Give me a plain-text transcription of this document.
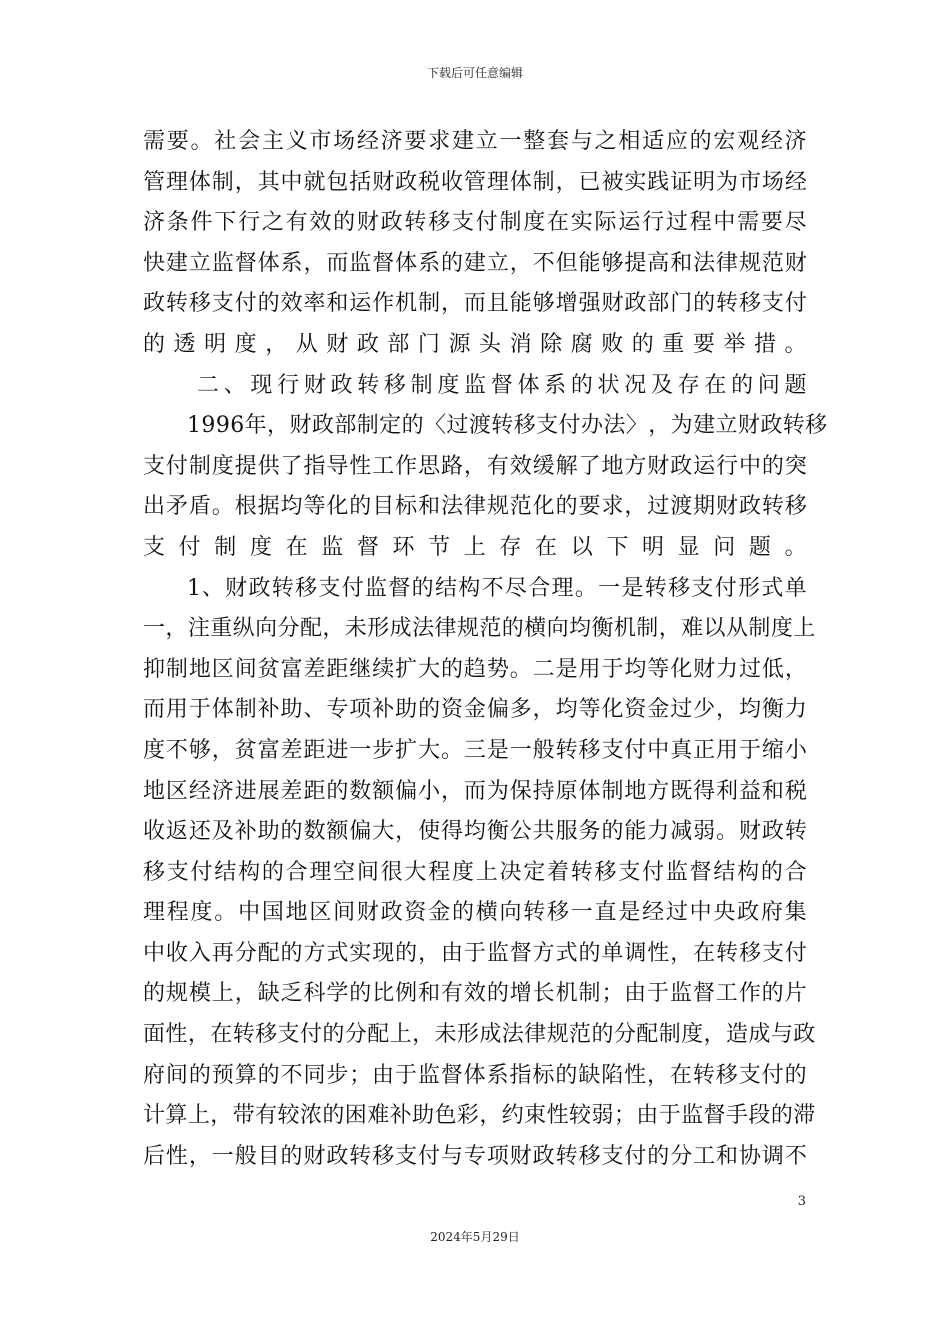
下载后可任意编辑
需 要 。 社 会 主 义 市 场 经 济 要 求 建 立 一 整 套 与 之 相 适 应 的 宏 观 经 济
管 理 体 制 ， 其 中 就 包 括 财 政 税 收 管 理 体 制 ， 已 被 实 践 证 明 为 市 场 经
济 条 件 下 行 之 有 效 的 财 政 转 移 支 付 制 度 在 实 际 运 行 过 程 中 需 要 尽
快 建 立 监 督 体 系 ， 而 监 督 体 系 的 建 立 ， 不 但 能 够 提 高 和 法 律 规 范 财
政 转 移 支 付 的 效 率 和 运 作 机 制 ， 而 且 能 够 增 强 财 政 部 门 的 转 移 支 付
的 透 明 度 ， 从 财 政 部 门 源 头 消 除 腐 败 的 重 要 举 措 。
二 、 现 行 财 政 转 移 制 度 监 督 体 系 的 状 况 及 存 在 的 问 题
1 9 9 6 年 ， 财 政 部 制 定 的 〈 过 渡 转 移 支 付 办 法 〉 ， 为 建 立 财 政 转 移
支 付 制 度 提 供 了 指 导 性 工 作 思 路 ， 有 效 缓 解 了 地 方 财 政 运 行 中 的 突
出 矛 盾 。 根 据 均 等 化 的 目 标 和 法 律 规 范 化 的 要 求 ， 过 渡 期 财 政 转 移
支 付 制 度 在 监 督 环 节 上 存 在 以 下 明 显 问 题 。
1 、 财 政 转 移 支 付 监 督 的 结 构 不 尽 合 理 。 一 是 转 移 支 付 形 式 单
一 ， 注 重 纵 向 分 配 ， 未 形 成 法 律 规 范 的 横 向 均 衡 机 制 ， 难 以 从 制 度 上
抑 制 地 区 间 贫 富 差 距 继 续 扩 大 的 趋 势 。 二 是 用 于 均 等 化 财 力 过 低 ，
而 用 于 体 制 补 助 、 专 项 补 助 的 资 金 偏 多 ， 均 等 化 资 金 过 少 ， 均 衡 力
度 不 够 ， 贫 富 差 距 进 一 步 扩 大 。 三 是 一 般 转 移 支 付 中 真 正 用 于 缩 小
地 区 经 济 进 展 差 距 的 数 额 偏 小 ， 而 为 保 持 原 体 制 地 方 既 得 利 益 和 税
收 返 还 及 补 助 的 数 额 偏 大 ， 使 得 均 衡 公 共 服 务 的 能 力 减 弱 。 财 政 转
移 支 付 结 构 的 合 理 空 间 很 大 程 度 上 决 定 着 转 移 支 付 监 督 结 构 的 合
理 程 度 。 中 国 地 区 间 财 政 资 金 的 横 向 转 移 一 直 是 经 过 中 央 政 府 集
中 收 入 再 分 配 的 方 式 实 现 的 ， 由 于 监 督 方 式 的 单 调 性 ， 在 转 移 支 付
的 规 模 上 ， 缺 乏 科 学 的 比 例 和 有 效 的 增 长 机 制 ； 由 于 监 督 工 作 的 片
面 性 ， 在 转 移 支 付 的 分 配 上 ， 未 形 成 法 律 规 范 的 分 配 制 度 ， 造 成 与 政
府 间 的 预 算 的 不 同 步 ； 由 于 监 督 体 系 指 标 的 缺 陷 性 ， 在 转 移 支 付 的
计 算 上 ， 带 有 较 浓 的 困 难 补 助 色 彩 ， 约 束 性 较 弱 ； 由 于 监 督 手 段 的 滞
后 性 ， 一 般 目 的 财 政 转 移 支 付 与 专 项 财 政 转 移 支 付 的 分 工 和 协 调 不
3
2024年5月29日
